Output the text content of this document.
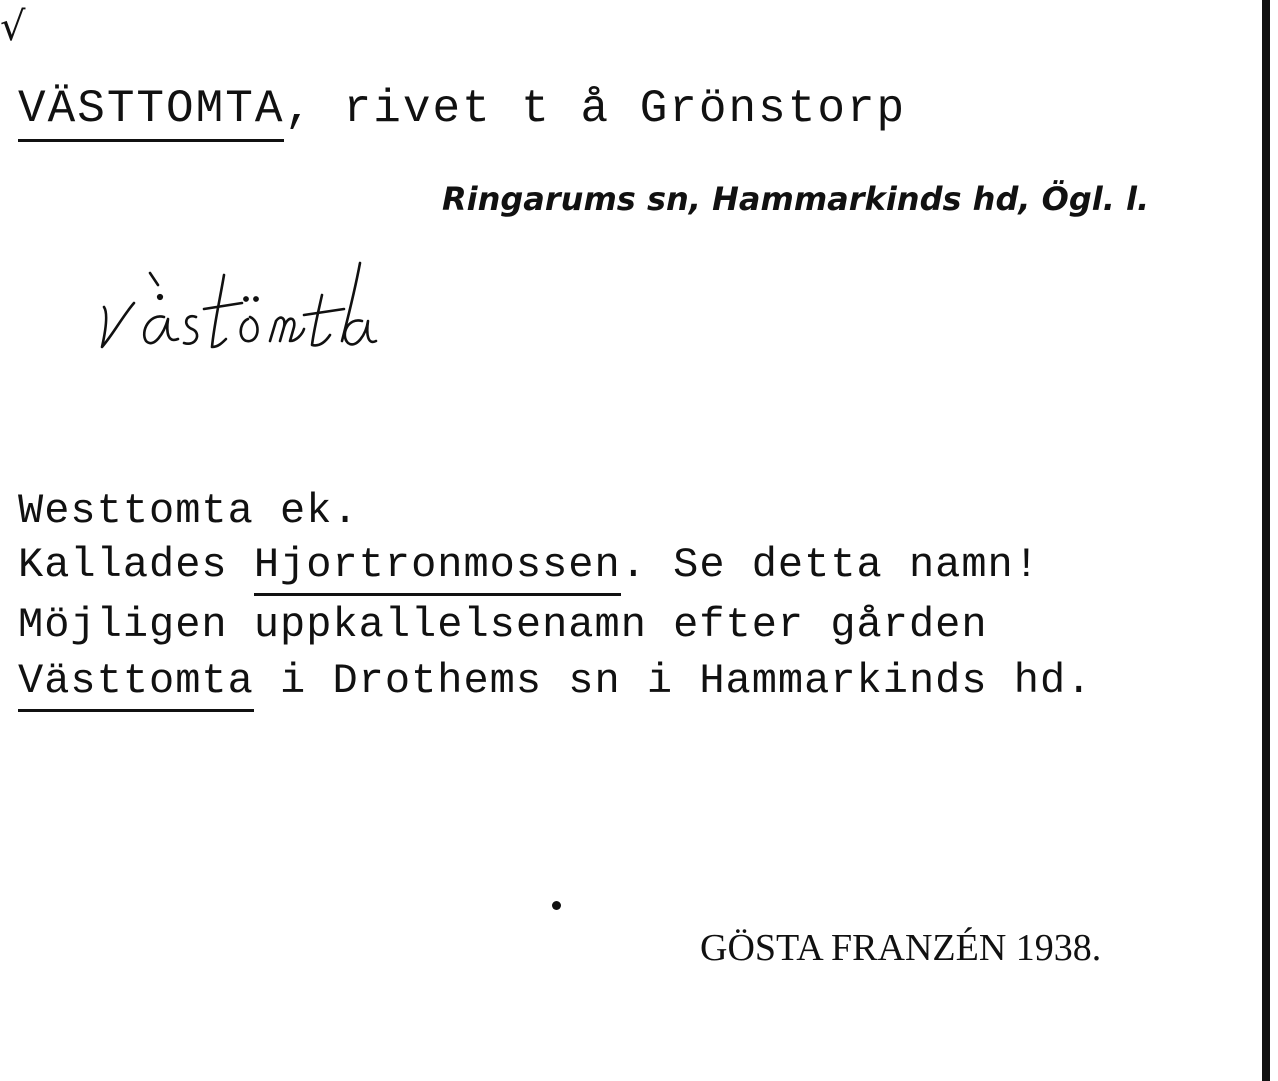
√
VÄSTTOMTA, rivet t å Grönstorp
Ringarums sn, Hammarkinds hd, Ögl. l.
Westtomta ek.
Kallades Hjortronmossen. Se detta namn!
Möjligen uppkallelsenamn efter gården
Västtomta i Drothems sn i Hammarkinds hd.
GÖSTA FRANZÉN 1938.
